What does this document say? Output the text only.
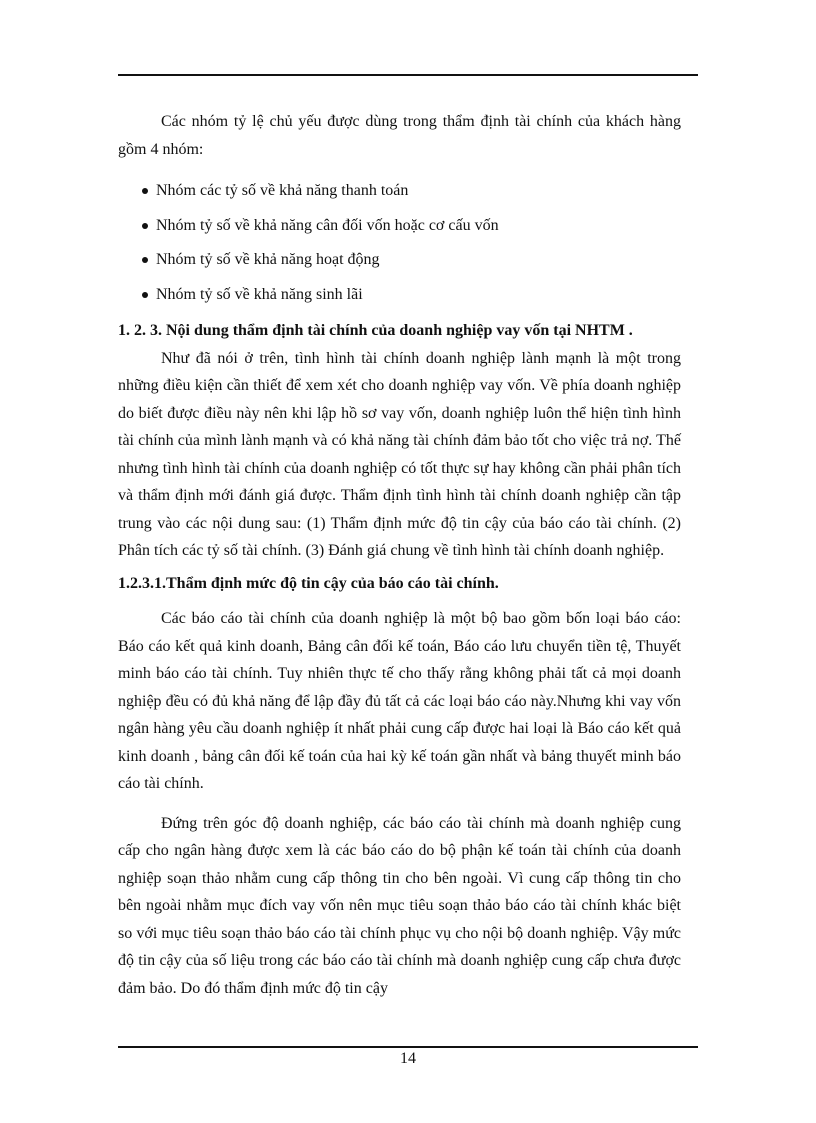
Các nhóm tỷ lệ chủ yếu được dùng trong thẩm định tài chính của khách hàng gồm 4 nhóm:

Nhóm các tỷ số về khả năng thanh toán
Nhóm tỷ số về khả năng cân đối vốn hoặc cơ cấu vốn
Nhóm tỷ số về khả năng hoạt động
Nhóm tỷ số về khả năng sinh lãi
1. 2. 3. Nội dung thẩm định tài chính của doanh nghiệp vay vốn tại NHTM .

Như đã nói ở trên, tình hình tài chính doanh nghiệp lành mạnh là một trong những điều kiện cần thiết để xem xét cho doanh nghiệp vay vốn. Về phía doanh nghiệp do biết được điều này nên khi lập hồ sơ vay vốn, doanh nghiệp luôn thể hiện tình hình tài chính của mình lành mạnh và có khả năng tài chính đảm bảo tốt cho việc trả nợ. Thế nhưng tình hình tài chính của doanh nghiệp có tốt thực sự hay không cần phải phân tích và thẩm định mới đánh giá được. Thẩm định tình hình tài chính doanh nghiệp cần tập trung vào các nội dung sau: (1) Thẩm định mức độ tin cậy của báo cáo tài chính. (2) Phân tích các tỷ số tài chính. (3) Đánh giá chung về tình hình tài chính doanh nghiệp.

1.2.3.1.Thẩm định mức độ tin cậy của báo cáo tài chính.

Các báo cáo tài chính của doanh nghiệp là một bộ bao gồm bốn loại báo cáo: Báo cáo kết quả kinh doanh, Bảng cân đối kế toán, Báo cáo lưu chuyển tiền tệ, Thuyết minh báo cáo tài chính. Tuy nhiên thực tế cho thấy rằng không phải tất cả mọi doanh nghiệp đều có đủ khả năng để lập đầy đủ tất cả các loại báo cáo này.Nhưng khi vay vốn ngân hàng yêu cầu doanh nghiệp ít nhất phải cung cấp được hai loại là Báo cáo kết quả kinh doanh , bảng cân đối kế toán của hai kỳ kế toán gần nhất và bảng thuyết minh báo cáo tài chính.

Đứng trên góc độ doanh nghiệp, các báo cáo tài chính mà doanh nghiệp cung cấp cho ngân hàng được xem là các báo cáo do bộ phận kế toán tài chính của doanh nghiệp soạn thảo nhằm cung cấp thông tin cho bên ngoài. Vì cung cấp thông tin cho bên ngoài nhằm mục đích vay vốn nên mục tiêu soạn thảo báo cáo tài chính khác biệt so với mục tiêu soạn thảo báo cáo tài chính phục vụ cho nội bộ doanh nghiệp. Vậy mức độ tin cậy của số liệu trong các báo cáo tài chính mà doanh nghiệp cung cấp chưa được đảm bảo. Do đó thẩm định mức độ tin cậy

14
